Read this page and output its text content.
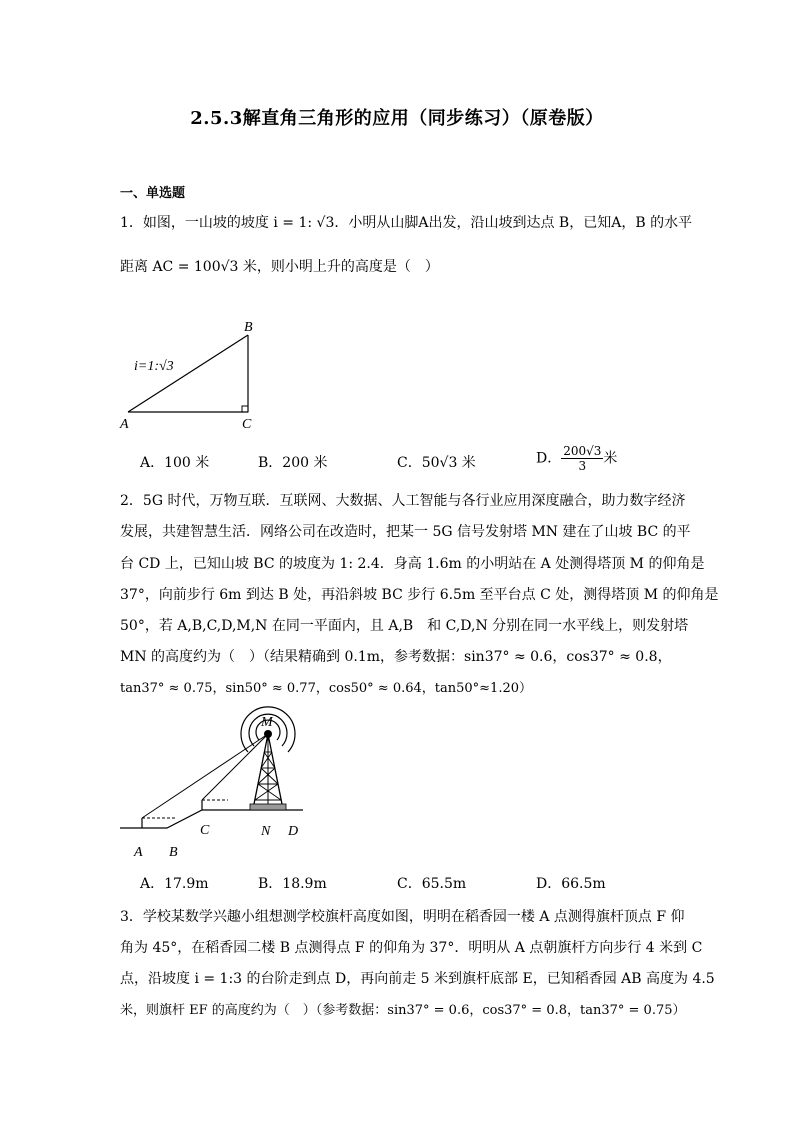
2.5.3解直角三角形的应用（同步练习）（原卷版）
一、单选题
1．如图，一山坡的坡度 i = 1: √3．小明从山脚A出发，沿山坡到达点 B，已知A，B 的水平
距离 AC = 100√3 米，则小明上升的高度是（　）
i=1:√3
B
A	C
A．100 米	B．200 米	C．50√3 米	D． $\frac{200√3}{3}$米
2．5G 时代，万物互联．互联网、大数据、人工智能与各行业应用深度融合，助力数字经济
发展，共建智慧生活．网络公司在改造时，把某一 5G 信号发射塔 MN 建在了山坡 BC 的平
台 CD 上，已知山坡 BC 的坡度为 1: 2.4．身高 1.6m 的小明站在 A 处测得塔顶 M 的仰角是
37°，向前步行 6m 到达 B 处，再沿斜坡 BC 步行 6.5m 至平台点 C 处，测得塔顶 M 的仰角是
50°，若 A,B,C,D,M,N 在同一平面内，且 A,B　和 C,D,N 分别在同一水平线上，则发射塔
MN 的高度约为（　）（结果精确到 0.1m，参考数据：sin37° ≈ 0.6，cos37° ≈ 0.8，
tan37° ≈ 0.75，sin50° ≈ 0.77，cos50° ≈ 0.64，tan50°≈1.20）
M
A B
C	N D
A．17.9m	B．18.9m	C．65.5m	D．66.5m
3．学校某数学兴趣小组想测学校旗杆高度如图，明明在稻香园一楼 A 点测得旗杆顶点 F 仰
角为 45°，在稻香园二楼 B 点测得点 F 的仰角为 37°．明明从 A 点朝旗杆方向步行 4 米到 C
点，沿坡度 i = 1:3 的台阶走到点 D，再向前走 5 米到旗杆底部 E，已知稻香园 AB 高度为 4.5
米，则旗杆 EF 的高度约为（　）（参考数据：sin37° = 0.6，cos37° = 0.8，tan37° = 0.75）
